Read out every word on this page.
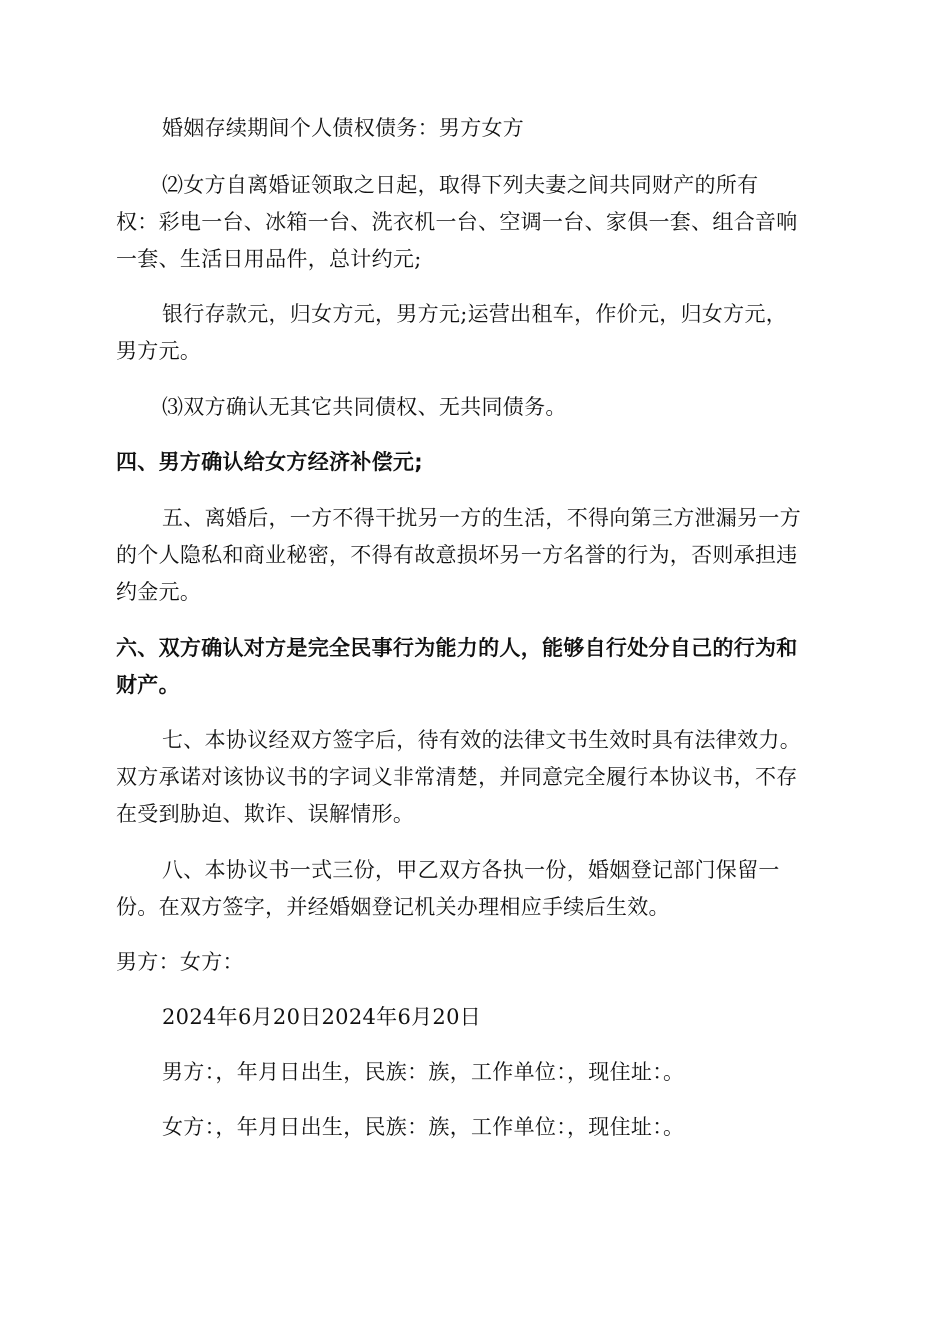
婚姻存续期间个人债权债务：男方女方
⑵女方自离婚证领取之日起，取得下列夫妻之间共同财产的所有
权：彩电一台、冰箱一台、洗衣机一台、空调一台、家俱一套、组合音响
一套、生活日用品件，总计约元;
银行存款元，归女方元，男方元;运营出租车，作价元，归女方元，
男方元。
⑶双方确认无其它共同债权、无共同债务。
四、男方确认给女方经济补偿元;
五、离婚后，一方不得干扰另一方的生活，不得向第三方泄漏另一方
的个人隐私和商业秘密，不得有故意损坏另一方名誉的行为，否则承担违
约金元。
六、双方确认对方是完全民事行为能力的人，能够自行处分自己的行为和
财产。
七、本协议经双方签字后，待有效的法律文书生效时具有法律效力。
双方承诺对该协议书的字词义非常清楚，并同意完全履行本协议书，不存
在受到胁迫、欺诈、误解情形。
八、本协议书一式三份，甲乙双方各执一份，婚姻登记部门保留一
份。在双方签字，并经婚姻登记机关办理相应手续后生效。
男方：女方：
2024年6月20日2024年6月20日
男方：，年月日出生，民族：族，工作单位：，现住址：。
女方：，年月日出生，民族：族，工作单位：，现住址：。
